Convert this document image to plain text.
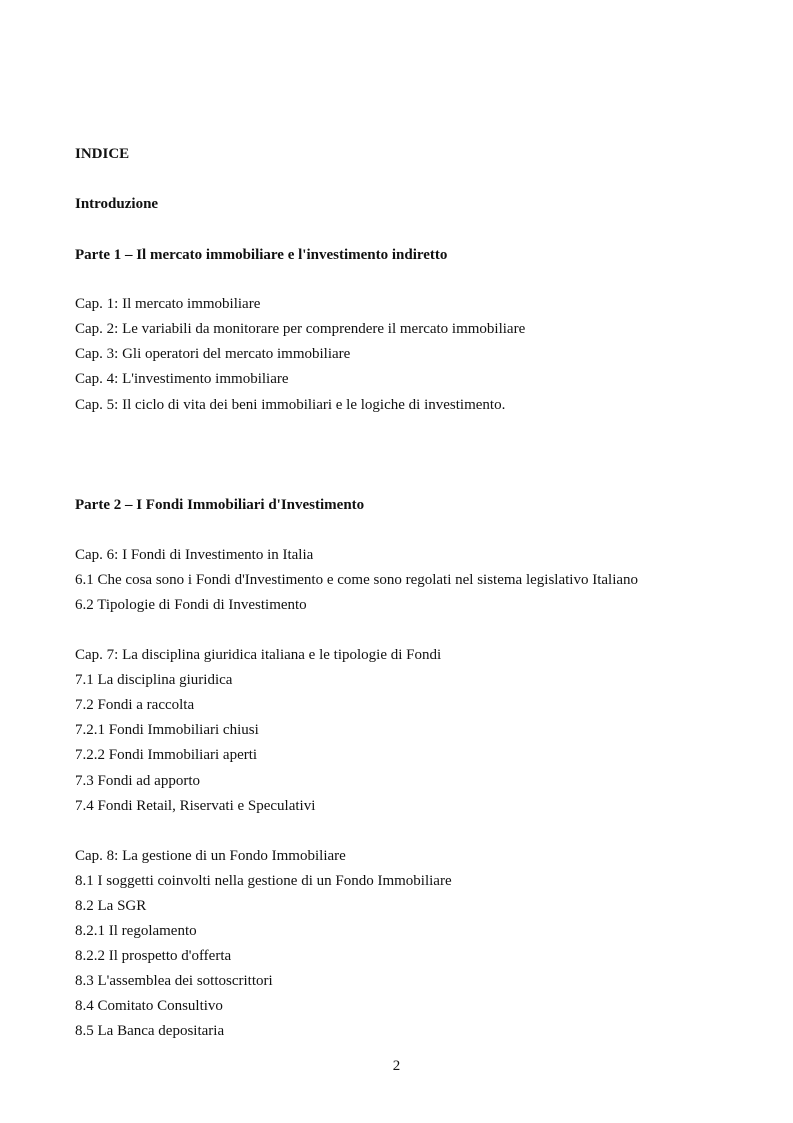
INDICE
Introduzione
Parte 1 – Il mercato immobiliare e l'investimento indiretto
Cap. 1: Il mercato immobiliare
Cap. 2: Le variabili da monitorare per comprendere il mercato immobiliare
Cap. 3: Gli operatori del mercato immobiliare
Cap. 4: L'investimento immobiliare
Cap. 5: Il ciclo di vita dei beni immobiliari e le logiche di investimento.
Parte 2 – I Fondi Immobiliari d'Investimento
Cap. 6: I Fondi di Investimento in Italia
6.1 Che cosa sono i Fondi d'Investimento e come sono regolati nel sistema legislativo Italiano
6.2 Tipologie di Fondi di Investimento
Cap. 7: La disciplina giuridica italiana e le tipologie di Fondi
7.1 La disciplina giuridica
7.2 Fondi a raccolta
7.2.1 Fondi Immobiliari chiusi
7.2.2 Fondi Immobiliari aperti
7.3 Fondi ad apporto
7.4 Fondi Retail, Riservati e Speculativi
Cap. 8: La gestione di un Fondo Immobiliare
8.1 I soggetti coinvolti nella gestione di un Fondo Immobiliare
8.2 La SGR
8.2.1 Il regolamento
8.2.2 Il prospetto d'offerta
8.3 L'assemblea dei sottoscrittori
8.4 Comitato Consultivo
8.5 La Banca depositaria
2
